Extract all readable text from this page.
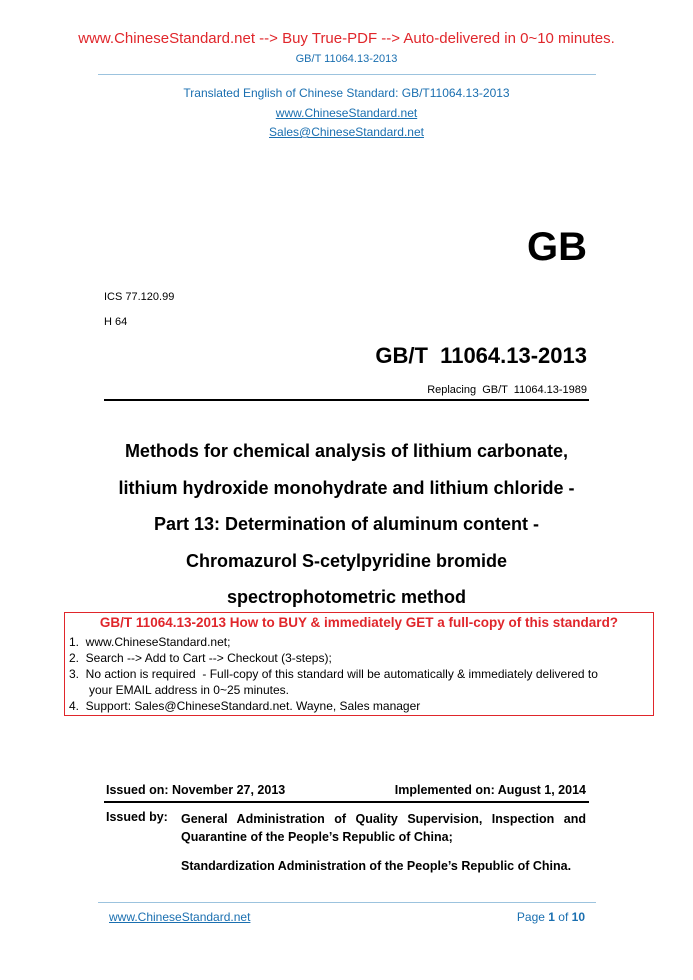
www.ChineseStandard.net --> Buy True-PDF --> Auto-delivered in 0~10 minutes.
GB/T 11064.13-2013
Translated English of Chinese Standard: GB/T11064.13-2013
www.ChineseStandard.net
Sales@ChineseStandard.net
GB
ICS 77.120.99
H 64
GB/T  11064.13-2013
Replacing  GB/T  11064.13-1989
Methods for chemical analysis of lithium carbonate,
lithium hydroxide monohydrate and lithium chloride -
Part 13: Determination of aluminum content -
Chromazurol S-cetylpyridine bromide
spectrophotometric method
GB/T 11064.13-2013 How to BUY & immediately GET a full-copy of this standard?
1.  www.ChineseStandard.net;
2.  Search --> Add to Cart --> Checkout (3-steps);
3.  No action is required  - Full-copy of this standard will be automatically & immediately delivered to
your EMAIL address in 0~25 minutes.
4.  Support: Sales@ChineseStandard.net. Wayne, Sales manager
Issued on: November 27, 2013	Implemented on: August 1, 2014
Issued by: General Administration of Quality Supervision, Inspection and Quarantine of the People’s Republic of China;
Standardization Administration of the People’s Republic of China.
www.ChineseStandard.net	Page 1 of 10
